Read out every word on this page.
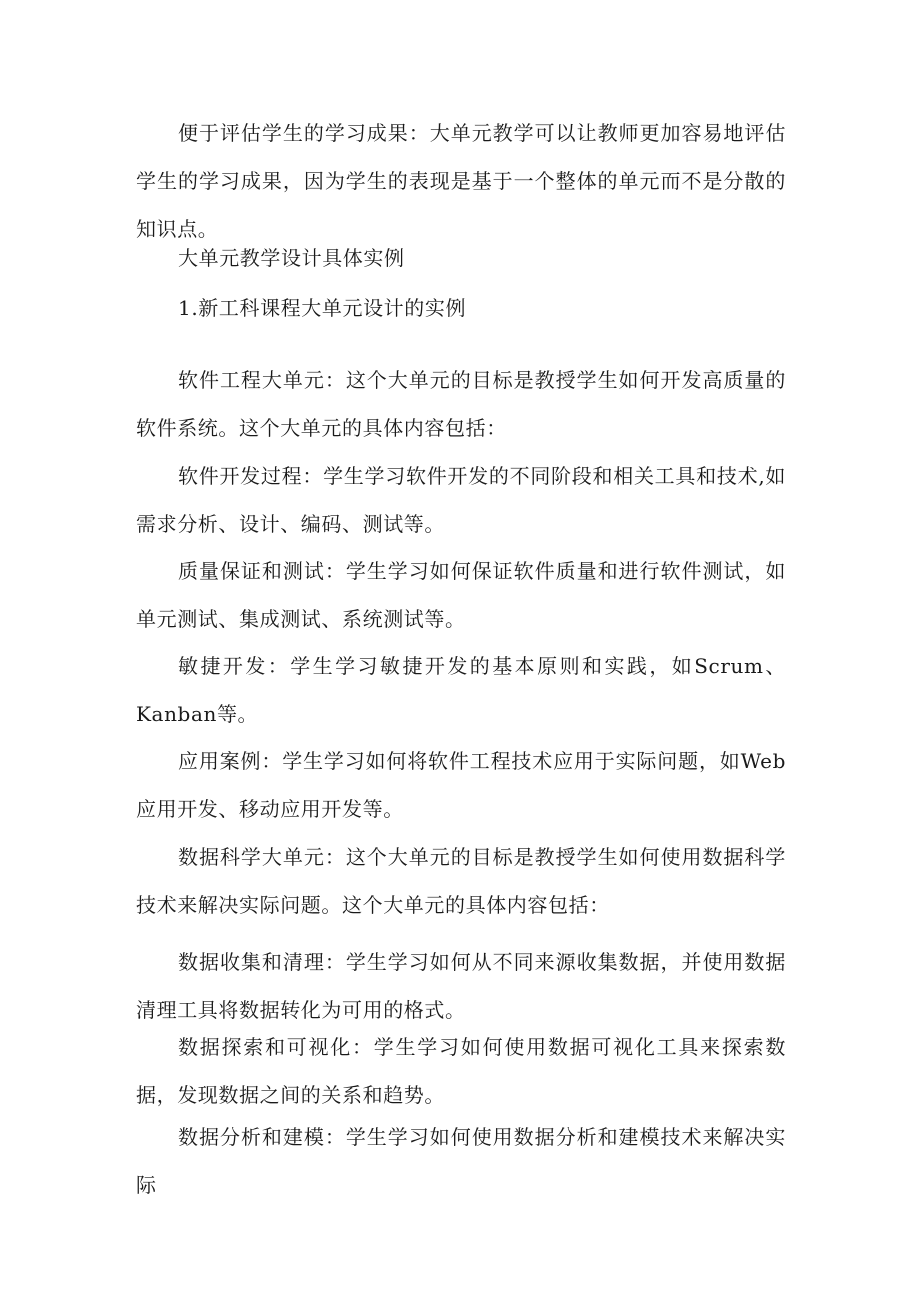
便于评估学生的学习成果：大单元教学可以让教师更加容易地评估学生的学习成果，因为学生的表现是基于一个整体的单元而不是分散的知识点。

大单元教学设计具体实例

1.新工科课程大单元设计的实例

软件工程大单元：这个大单元的目标是教授学生如何开发高质量的软件系统。这个大单元的具体内容包括：

软件开发过程：学生学习软件开发的不同阶段和相关工具和技术,如需求分析、设计、编码、测试等。

质量保证和测试：学生学习如何保证软件质量和进行软件测试，如单元测试、集成测试、系统测试等。

敏捷开发：学生学习敏捷开发的基本原则和实践，如Scrum、Kanban等。

应用案例：学生学习如何将软件工程技术应用于实际问题，如Web应用开发、移动应用开发等。

数据科学大单元：这个大单元的目标是教授学生如何使用数据科学技术来解决实际问题。这个大单元的具体内容包括：

数据收集和清理：学生学习如何从不同来源收集数据，并使用数据清理工具将数据转化为可用的格式。

数据探索和可视化：学生学习如何使用数据可视化工具来探索数据，发现数据之间的关系和趋势。

数据分析和建模：学生学习如何使用数据分析和建模技术来解决实际
